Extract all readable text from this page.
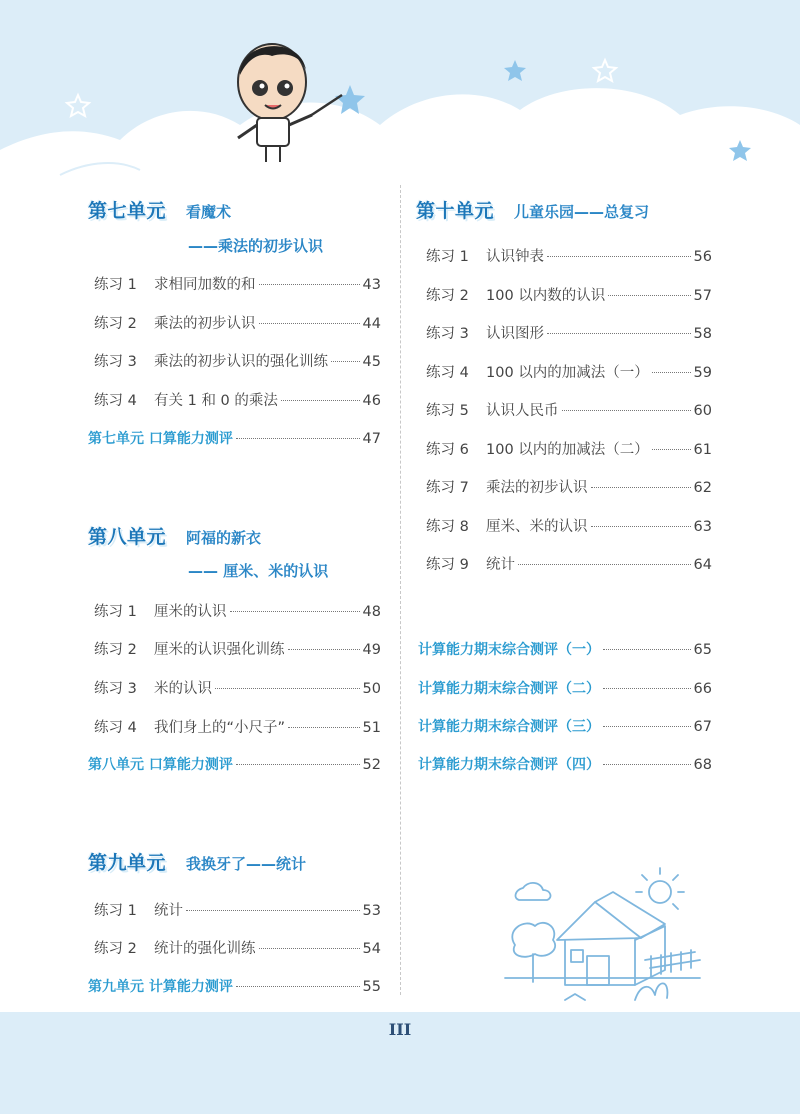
第七单元 看魔术
——乘法的初步认识
练习 1	求相同加数的和	43
练习 2	乘法的初步认识	44
练习 3	乘法的初步认识的强化训练 45
练习 4	有关 1 和 0 的乘法	46
第七单元 口算能力测评	47
第八单元 阿福的新衣
—— 厘米、米的认识
练习 1	厘米的认识	48
练习 2	厘米的认识强化训练	49
练习 3	米的认识	50
练习 4	我们身上的“小尺子”	51
第八单元 口算能力测评	52
第九单元 我换牙了——统计
练习 1	统计	53
练习 2	统计的强化训练	54
第九单元 计算能力测评	55
第十单元 儿童乐园——总复习
练习 1	认识钟表	56
练习 2	100 以内数的认识	57
练习 3	认识图形	58
练习 4	100 以内的加减法（一）	59
练习 5	认识人民币	60
练习 6	100 以内的加减法（二）	61
练习 7	乘法的初步认识	62
练习 8	厘米、米的认识	63
练习 9	统计	64
计算能力期末综合测评（一）	65
计算能力期末综合测评（二）	66
计算能力期末综合测评（三）	67
计算能力期末综合测评（四）	68
III
